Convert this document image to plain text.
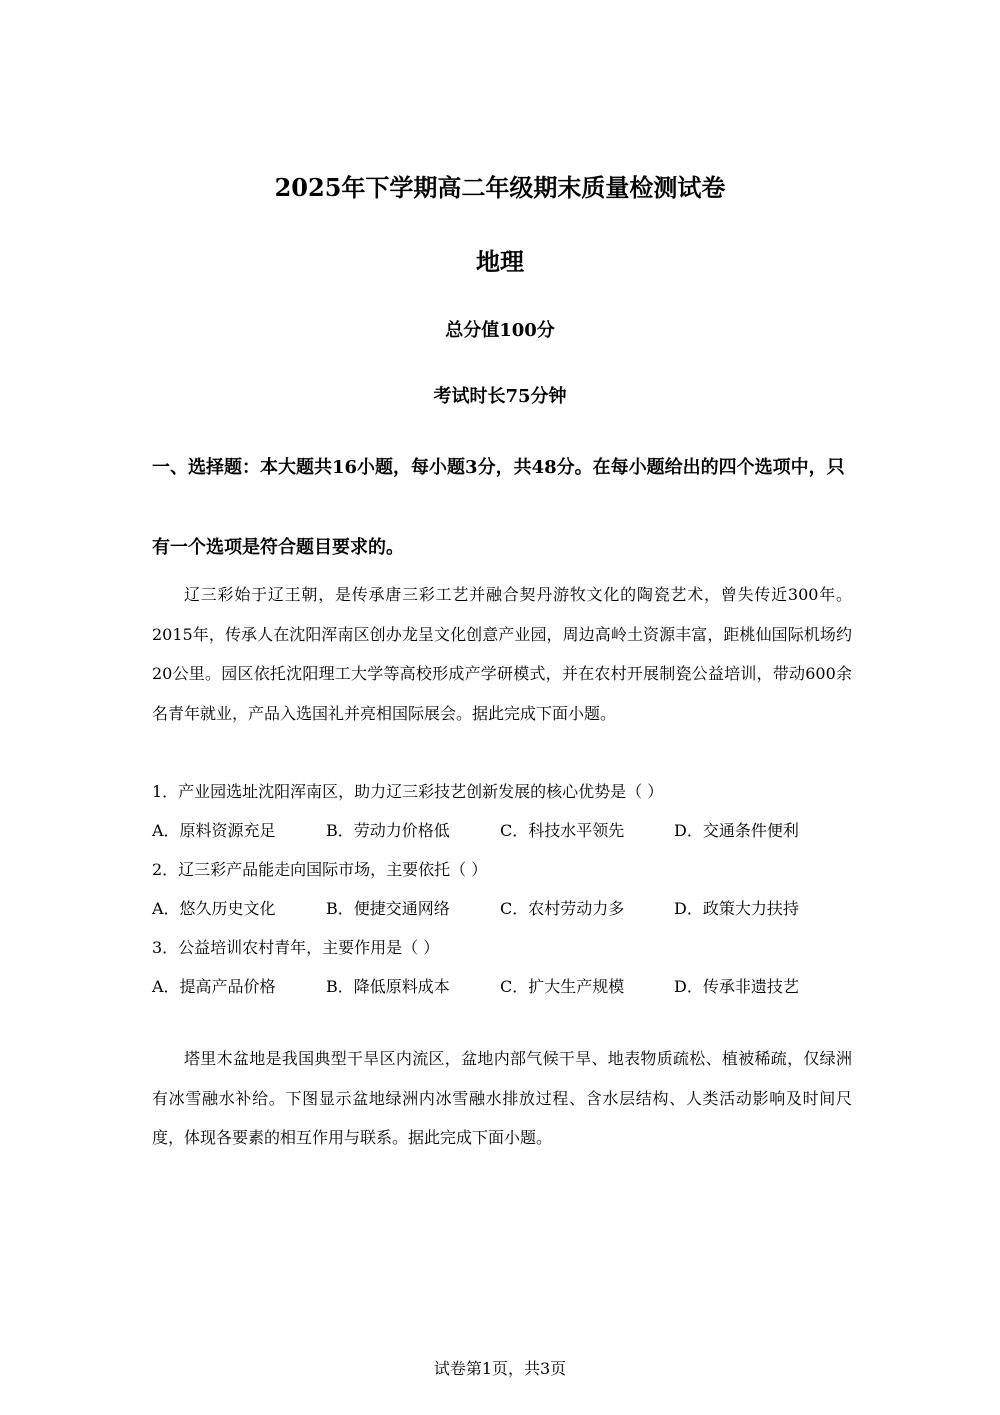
2025年下学期高二年级期末质量检测试卷
地理
总分值100分
考试时长75分钟
一、选择题：本大题共16小题，每小题3分，共48分。在每小题给出的四个选项中，只有一个选项是符合题目要求的。
辽三彩始于辽王朝，是传承唐三彩工艺并融合契丹游牧文化的陶瓷艺术，曾失传近300年。2015年，传承人在沈阳浑南区创办龙呈文化创意产业园，周边高岭土资源丰富，距桃仙国际机场约20公里。园区依托沈阳理工大学等高校形成产学研模式，并在农村开展制瓷公益培训，带动600余名青年就业，产品入选国礼并亮相国际展会。据此完成下面小题。
1．产业园选址沈阳浑南区，助力辽三彩技艺创新发展的核心优势是（ ）
A．原料资源充足	B．劳动力价格低	C．科技水平领先	D．交通条件便利
2．辽三彩产品能走向国际市场，主要依托（ ）
A．悠久历史文化	B．便捷交通网络	C．农村劳动力多	D．政策大力扶持
3．公益培训农村青年，主要作用是（ ）
A．提高产品价格	B．降低原料成本	C．扩大生产规模	D．传承非遗技艺
塔里木盆地是我国典型干旱区内流区，盆地内部气候干旱、地表物质疏松、植被稀疏，仅绿洲有冰雪融水补给。下图显示盆地绿洲内冰雪融水排放过程、含水层结构、人类活动影响及时间尺度，体现各要素的相互作用与联系。据此完成下面小题。
试卷第1页，共3页
